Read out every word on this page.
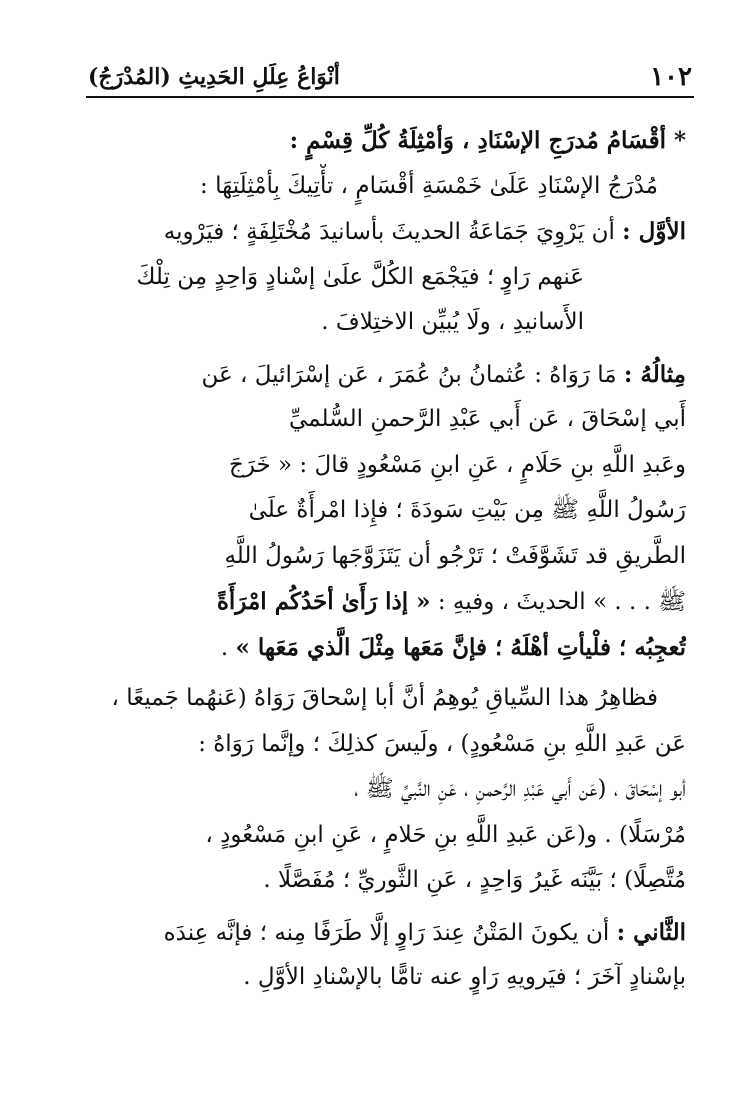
١٠٢
أنْوَاعُ عِلَلِ الحَدِيثِ (المُدْرَجُ)
* أقْسَامُ مُدرَجِ الإسْنَادِ ، وَأمْثِلَةُ كُلِّ قِسْمٍ :
مُدْرَجُ الإسْنَادِ عَلَىٰ خَمْسَةِ أقْسَامٍ ، تأْتِيكَ بِأمْثِلَتِهَا :
الأوَّل : أن يَرْوِيَ جَمَاعَةُ الحديثَ بأسانيدَ مُخْتَلِفَةٍ ؛ فيَرْويه
عَنهم رَاوٍ ؛ فيَجْمَع الكُلَّ علَىٰ إسْنادٍ وَاحِدٍ مِن تِلْكَ
الأَسانيدِ ، ولَا يُبيِّن الاختِلافَ .
مِثالُهُ : مَا رَوَاهُ : عُثمانُ بنُ عُمَرَ ، عَن إسْرَائيلَ ، عَن
أَبي إسْحَاقَ ، عَن أَبي عَبْدِ الرَّحمنِ السُّلميِّ
وعَبدِ اللَّهِ بنِ حَلَامٍ ، عَنِ ابنِ مَسْعُودٍ قالَ : « خَرَجَ
رَسُولُ اللَّهِ ﷺ مِن بَيْتِ سَودَةَ ؛ فإِذا امْرأَةٌ علَىٰ
الطَّريقِ قد تَشَوَّفَتْ ؛ تَرْجُو أن يَتَزَوَّجَها رَسُولُ اللَّهِ
ﷺ . . . » الحديثَ ، وفيهِ : « إذا رَأَىٰ أحَدُكُم امْرَأَةً
تُعجِبُه ؛ فلْيأتِ أهْلَهُ ؛ فإنَّ مَعَها مِثْلَ الَّذي مَعَها » .
فظاهِرُ هذا السِّياقِ يُوهِمُ أنَّ أبا إسْحاقَ رَوَاهُ (عَنهُما جَميعًا ،
عَن عَبدِ اللَّهِ بنِ مَسْعُودٍ) ، ولَيسَ كذلِكَ ؛ وإنَّما رَوَاهُ :
أبو إسْحَاقَ ، (عَن أَبي عَبْدِ الرَّحمنِ ، عَنِ النَّبيِّ ﷺ ،
مُرْسَلًا) . و(عَن عَبدِ اللَّهِ بنِ حَلامٍ ، عَنِ ابنِ مَسْعُودٍ ،
مُتَّصِلًا) ؛ بَيَّنَه غَيرُ وَاحِدٍ ، عَنِ الثَّوريِّ ؛ مُفَصَّلًا .
الثَّاني : أن يكونَ المَتْنُ عِندَ رَاوٍ إلَّا طَرَفًا مِنه ؛ فإنَّه عِندَه
بإسْنادٍ آخَرَ ؛ فيَرويهِ رَاوٍ عنه تامًّا بالإسْنادِ الأوَّلِ .
